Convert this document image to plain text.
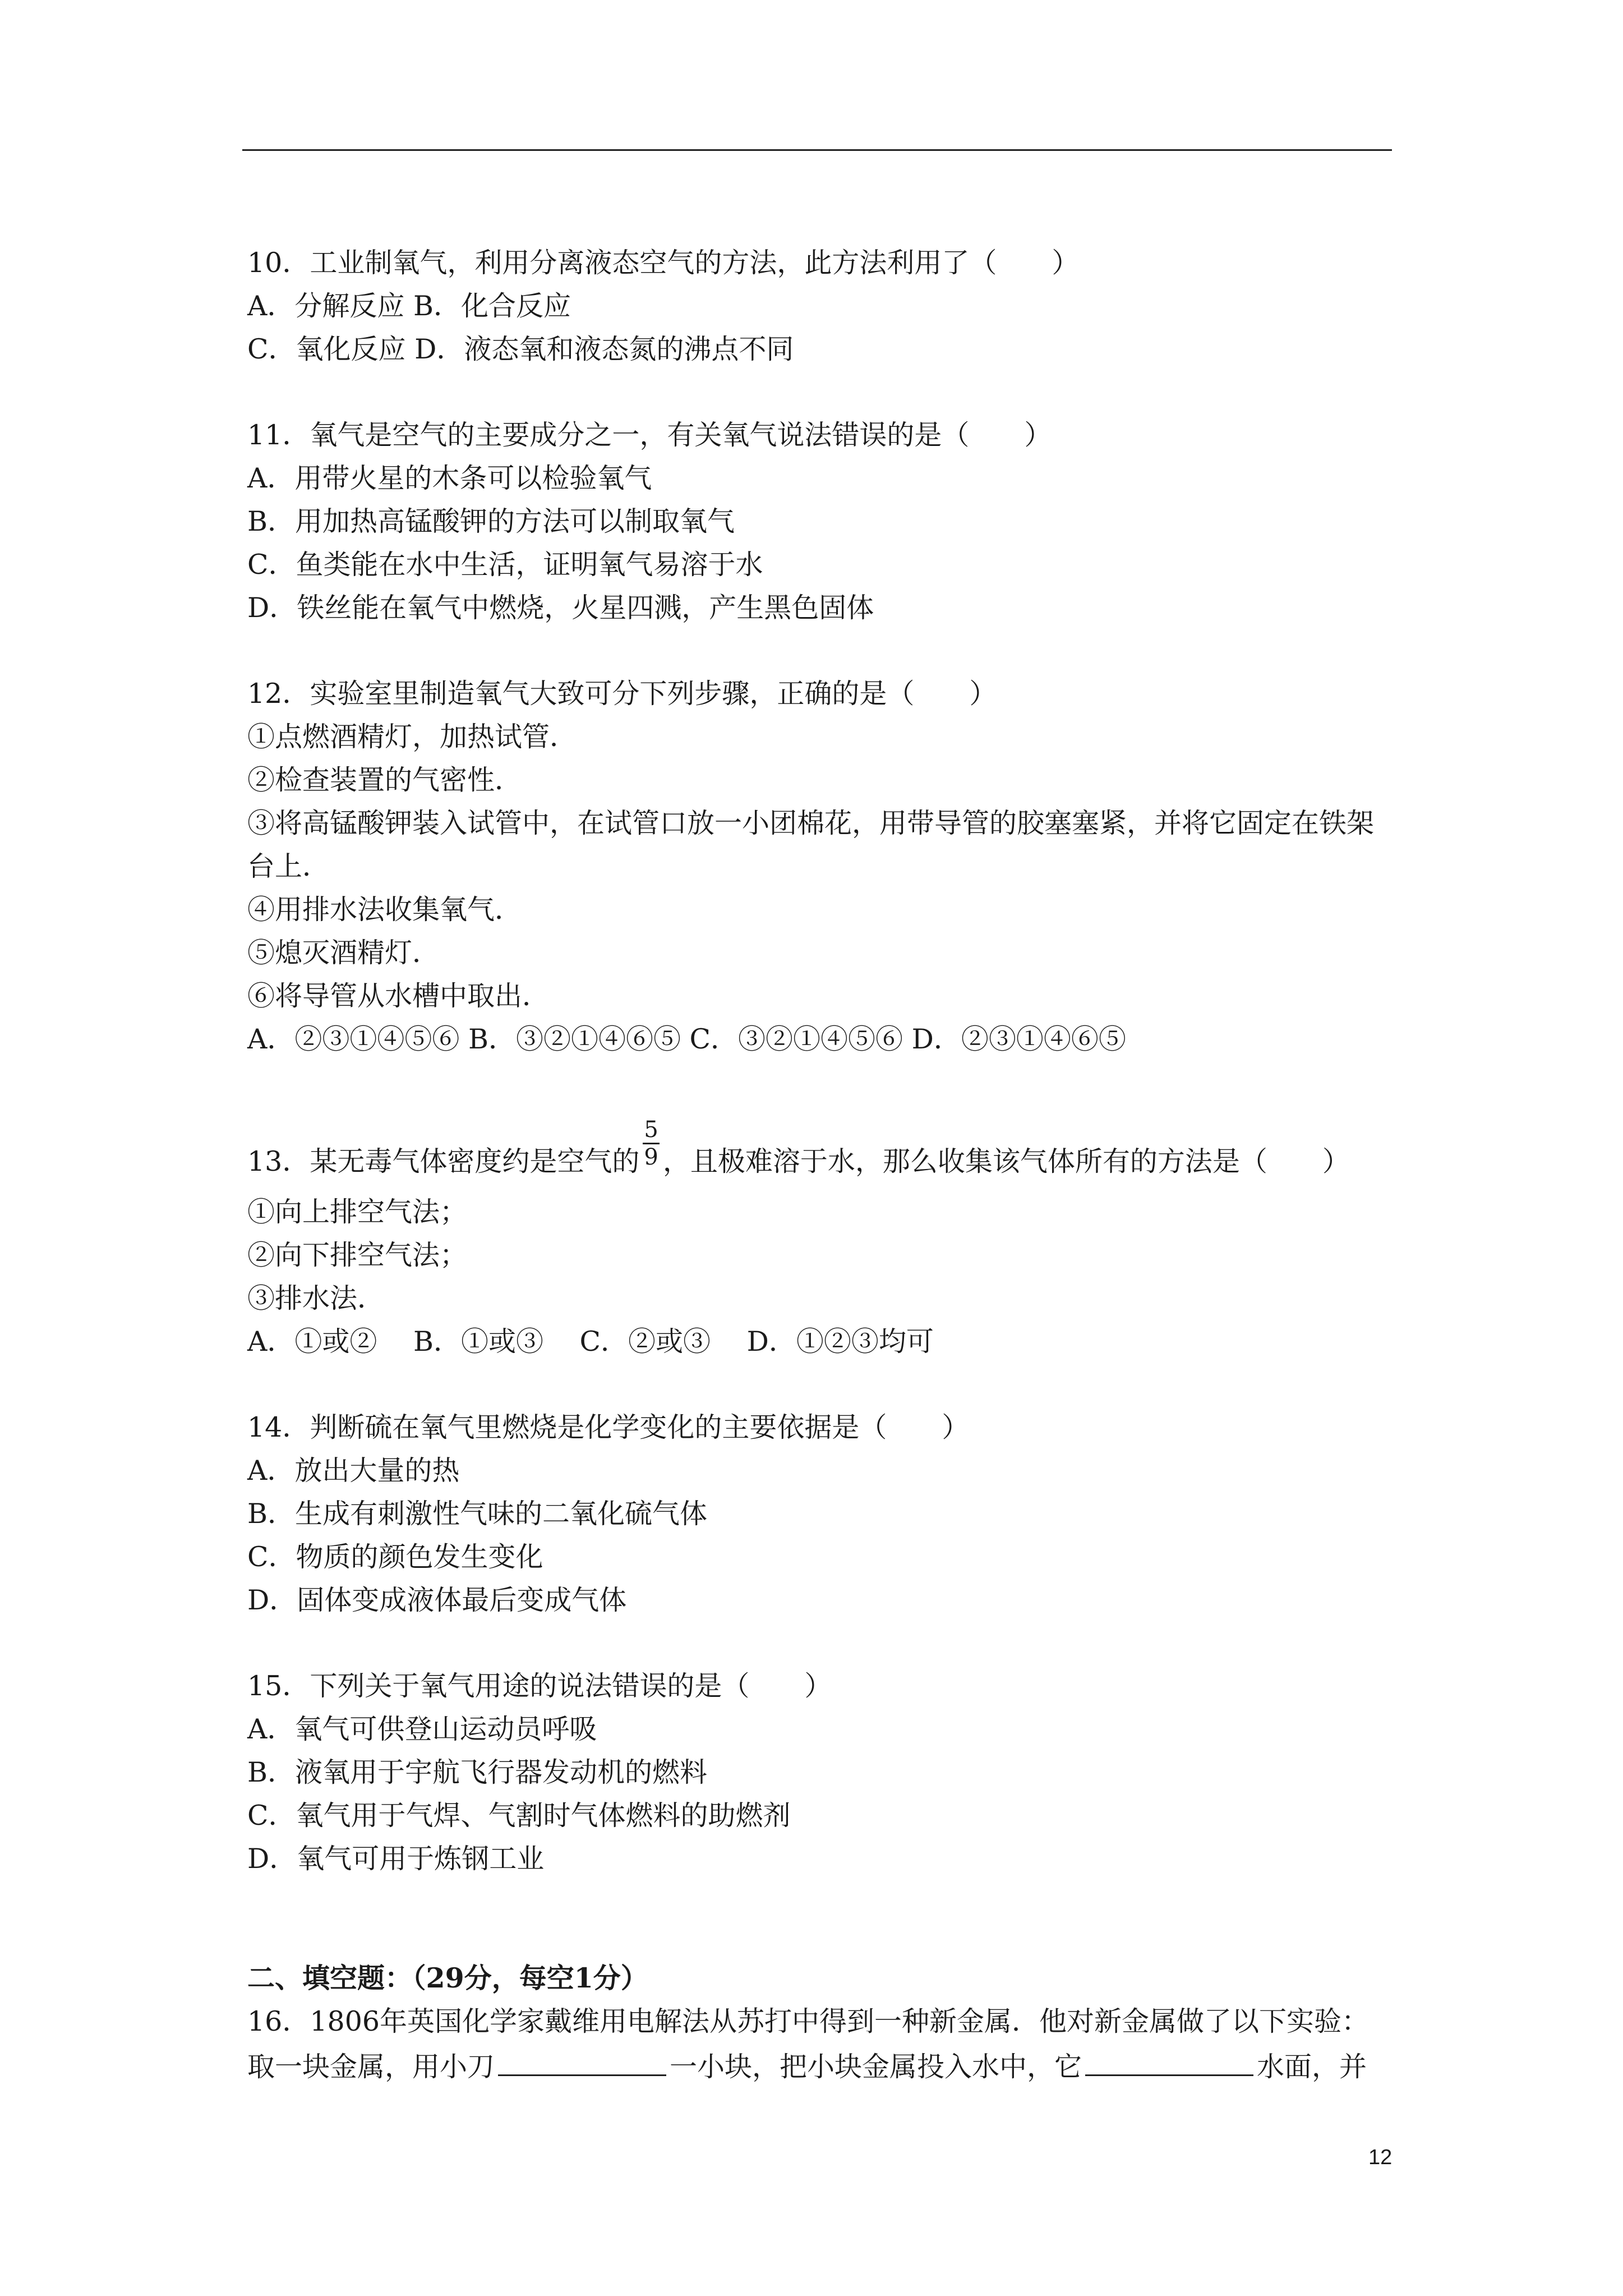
10．工业制氧气，利用分离液态空气的方法，此方法利用了（　　）
A．分解反应 B．化合反应
C．氧化反应 D．液态氧和液态氮的沸点不同
11．氧气是空气的主要成分之一，有关氧气说法错误的是（　　）
A．用带火星的木条可以检验氧气
B．用加热高锰酸钾的方法可以制取氧气
C．鱼类能在水中生活，证明氧气易溶于水
D．铁丝能在氧气中燃烧，火星四溅，产生黑色固体
12．实验室里制造氧气大致可分下列步骤，正确的是（　　）
①点燃酒精灯，加热试管．
②检查装置的气密性．
③将高锰酸钾装入试管中，在试管口放一小团棉花，用带导管的胶塞塞紧，并将它固定在铁架台上．
④用排水法收集氧气．
⑤熄灭酒精灯．
⑥将导管从水槽中取出．
A．②③①④⑤⑥ B．③②①④⑥⑤ C．③②①④⑤⑥ D．②③①④⑥⑤
13．某无毒气体密度约是空气的 $\frac{5}{9}$ ，且极难溶于水，那么收集该气体所有的方法是（　　）
①向上排空气法；
②向下排空气法；
③排水法．
A．①或②　 B．①或③　 C．②或③　 D．①②③均可
14．判断硫在氧气里燃烧是化学变化的主要依据是（　　）
A．放出大量的热
B．生成有刺激性气味的二氧化硫气体
C．物质的颜色发生变化
D．固体变成液体最后变成气体
15．下列关于氧气用途的说法错误的是（　　）
A．氧气可供登山运动员呼吸
B．液氧用于宇航飞行器发动机的燃料
C．氧气用于气焊、气割时气体燃料的助燃剂
D．氧气可用于炼钢工业
二、填空题：（29分，每空1分）
16．1806年英国化学家戴维用电解法从苏打中得到一种新金属．他对新金属做了以下实验：
取一块金属，用小刀	一小块，把小块金属投入水中，它	水面，并
12
